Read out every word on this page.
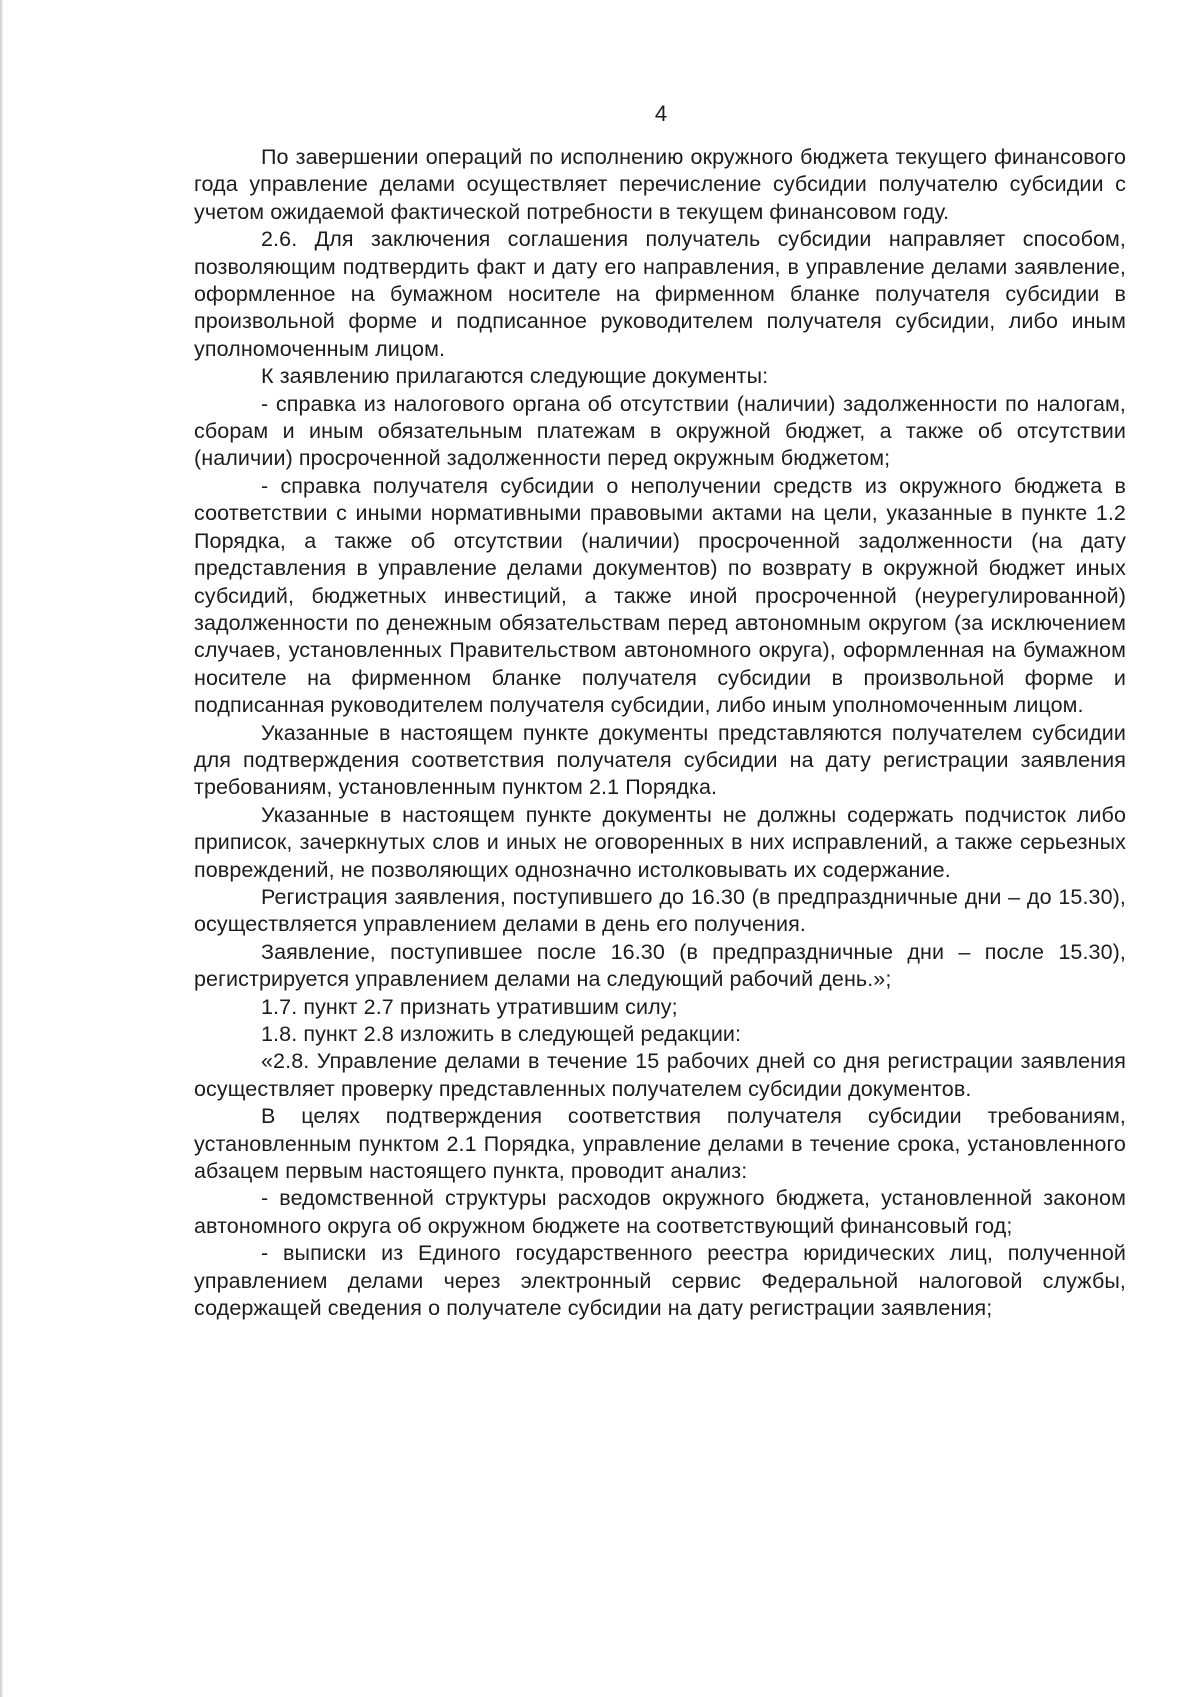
4

По завершении операций по исполнению окружного бюджета текущего финансового года управление делами осуществляет перечисление субсидии получателю субсидии с учетом ожидаемой фактической потребности в текущем финансовом году.

2.6. Для заключения соглашения получатель субсидии направляет способом, позволяющим подтвердить факт и дату его направления, в управление делами заявление, оформленное на бумажном носителе на фирменном бланке получателя субсидии в произвольной форме и подписанное руководителем получателя субсидии, либо иным уполномоченным лицом.

К заявлению прилагаются следующие документы:

- справка из налогового органа об отсутствии (наличии) задолженности по налогам, сборам и иным обязательным платежам в окружной бюджет, а также об отсутствии (наличии) просроченной задолженности перед окружным бюджетом;

- справка получателя субсидии о неполучении средств из окружного бюджета в соответствии с иными нормативными правовыми актами на цели, указанные в пункте 1.2 Порядка, а также об отсутствии (наличии) просроченной задолженности (на дату представления в управление делами документов) по возврату в окружной бюджет иных субсидий, бюджетных инвестиций, а также иной просроченной (неурегулированной) задолженности по денежным обязательствам перед автономным округом (за исключением случаев, установленных Правительством автономного округа), оформленная на бумажном носителе на фирменном бланке получателя субсидии в произвольной форме и подписанная руководителем получателя субсидии, либо иным уполномоченным лицом.

Указанные в настоящем пункте документы представляются получателем субсидии для подтверждения соответствия получателя субсидии на дату регистрации заявления требованиям, установленным пунктом 2.1 Порядка.

Указанные в настоящем пункте документы не должны содержать подчисток либо приписок, зачеркнутых слов и иных не оговоренных в них исправлений, а также серьезных повреждений, не позволяющих однозначно истолковывать их содержание.

Регистрация заявления, поступившего до 16.30 (в предпраздничные дни – до 15.30), осуществляется управлением делами в день его получения.

Заявление, поступившее после 16.30 (в предпраздничные дни – после 15.30), регистрируется управлением делами на следующий рабочий день.»;

1.7. пункт 2.7 признать утратившим силу;

1.8. пункт 2.8 изложить в следующей редакции:

«2.8. Управление делами в течение 15 рабочих дней со дня регистрации заявления осуществляет проверку представленных получателем субсидии документов.

В целях подтверждения соответствия получателя субсидии требованиям, установленным пунктом 2.1 Порядка, управление делами в течение срока, установленного абзацем первым настоящего пункта, проводит анализ:

- ведомственной структуры расходов окружного бюджета, установленной законом автономного округа об окружном бюджете на соответствующий финансовый год;

- выписки из Единого государственного реестра юридических лиц, полученной управлением делами через электронный сервис Федеральной налоговой службы, содержащей сведения о получателе субсидии на дату регистрации заявления;
